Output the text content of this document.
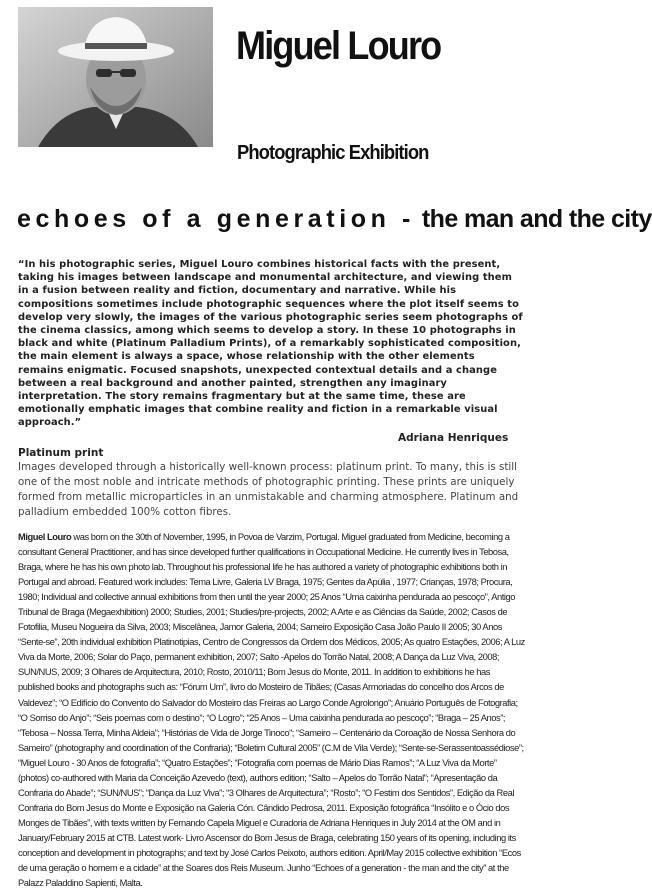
Miguel Louro
Photographic Exhibition
echoes of a generation - the man and the city

“In his photographic series, Miguel Louro combines historical facts with the present, taking his images between landscape and monumental architecture, and viewing them in a fusion between reality and fiction, documentary and narrative. While his compositions sometimes include photographic sequences where the plot itself seems to develop very slowly, the images of the various photographic series seem photographs of the cinema classics, among which seems to develop a story. In these 10 photographs in black and white (Platinum Palladium Prints), of a remarkably sophisticated composition, the main element is always a space, whose relationship with the other elements remains enigmatic. Focused snapshots, unexpected contextual details and a change between a real background and another painted, strengthen any imaginary interpretation. The story remains fragmentary but at the same time, these are emotionally emphatic images that combine reality and fiction in a remarkable visual approach.”

Adriana Henriques

Platinum print

Images developed through a historically well-known process: platinum print. To many, this is still one of the most noble and intricate methods of photographic printing. These prints are uniquely formed from metallic microparticles in an unmistakable and charming atmosphere. Platinum and palladium embedded 100% cotton fibres.

Miguel Louro was born on the 30th of November, 1995, in Povoa de Varzim, Portugal. Miguel graduated from Medicine, becoming a consultant General Practitioner, and has since developed further qualifications in Occupational Medicine. He currently lives in Tebosa, Braga, where he has his own photo lab. Throughout his professional life he has authored a variety of photographic exhibitions both in Portugal and abroad. Featured work includes: Tema Livre, Galeria LV Braga, 1975; Gentes da Apúlia , 1977; Crianças, 1978; Procura, 1980; Individual and collective annual exhibitions from then until the year 2000; 25 Anos “Uma caixinha pendurada ao pescoço”, Antigo Tribunal de Braga (Megaexhibition) 2000; Studies, 2001; Studies/pre-projects, 2002; A Arte e as Ciências da Saúde, 2002; Casos de Fotofilia, Museu Nogueira da Silva, 2003; Miscelânea, Jamor Galeria, 2004; Sameiro Exposição Casa João Paulo II 2005; 30 Anos “Sente-se”, 20th individual exhibition Platinotipias, Centro de Congressos da Ordem dos Médicos, 2005; As quatro Estações, 2006; A Luz Viva da Morte, 2006; Solar do Paço, permanent exhibition, 2007; Salto -Apelos do Torrão Natal, 2008; A Dança da Luz Viva, 2008; SUN/NUS, 2009; 3 Olhares de Arquitectura, 2010; Rosto, 2010/11; Bom Jesus do Monte, 2011. In addition to exhibitions he has published books and photographs such as: “Fórum Um”, livro do Mosteiro de Tibães; (Casas Armoriadas do concelho dos Arcos de Valdevez”; “O Edifício do Convento do Salvador do Mosteiro das Freiras ao Largo Conde Agrolongo”; Anuário Português de Fotografia; “O Sorriso do Anjo”; “Seis poemas com o destino”; “O Logro”; “25 Anos – Uma caixinha pendurada ao pescoço”; “Braga – 25 Anos”; “Tebosa – Nossa Terra, Minha Aldeia”; “Histórias de Vida de Jorge Tinoco”; “Sameiro – Centenário da Coroação de Nossa Senhora do Sameiro” (photography and coordination of the Confraria); “Boletim Cultural 2005” (C.M de Vila Verde); “Sente-se-Serassentoassédiose”; “Miguel Louro - 30 Anos de fotografia”; “Quatro Estações”; “Fotografia com poemas de Mário Dias Ramos”; “A Luz Viva da Morte” (photos) co-authored with Maria da Conceição Azevedo (text), authors edition; “Salto – Apelos do Torrão Natal”; “Apresentação da Confraria do Abade”; “SUN/NUS”; “Dança da Luz Viva”; “3 Olhares de Arquitectura”; “Rosto”; “O Festim dos Sentidos”, Edição da Real Confraria do Bom Jesus do Monte e Exposição na Galeria Cón. Cândido Pedrosa, 2011. Exposição fotográfica “Insólito e o Ócio dos Monges de Tibães”, with texts written by Fernando Capela Miguel e Curadoria de Adriana Henriques in July 2014 at the OM and in January/February 2015 at CTB. Latest work- Livro Ascensor do Bom Jesus de Braga, celebrating 150 years of its opening, including its conception and development in photographs; and text by José Carlos Peixoto, authors edition. April/May 2015 collective exhibition “Ecos de uma geração o homem e a cidade” at the Soares dos Reis Museum. Junho “Echoes of a generation - the man and the city” at the Palazz Paladdino Sapienti, Malta.
